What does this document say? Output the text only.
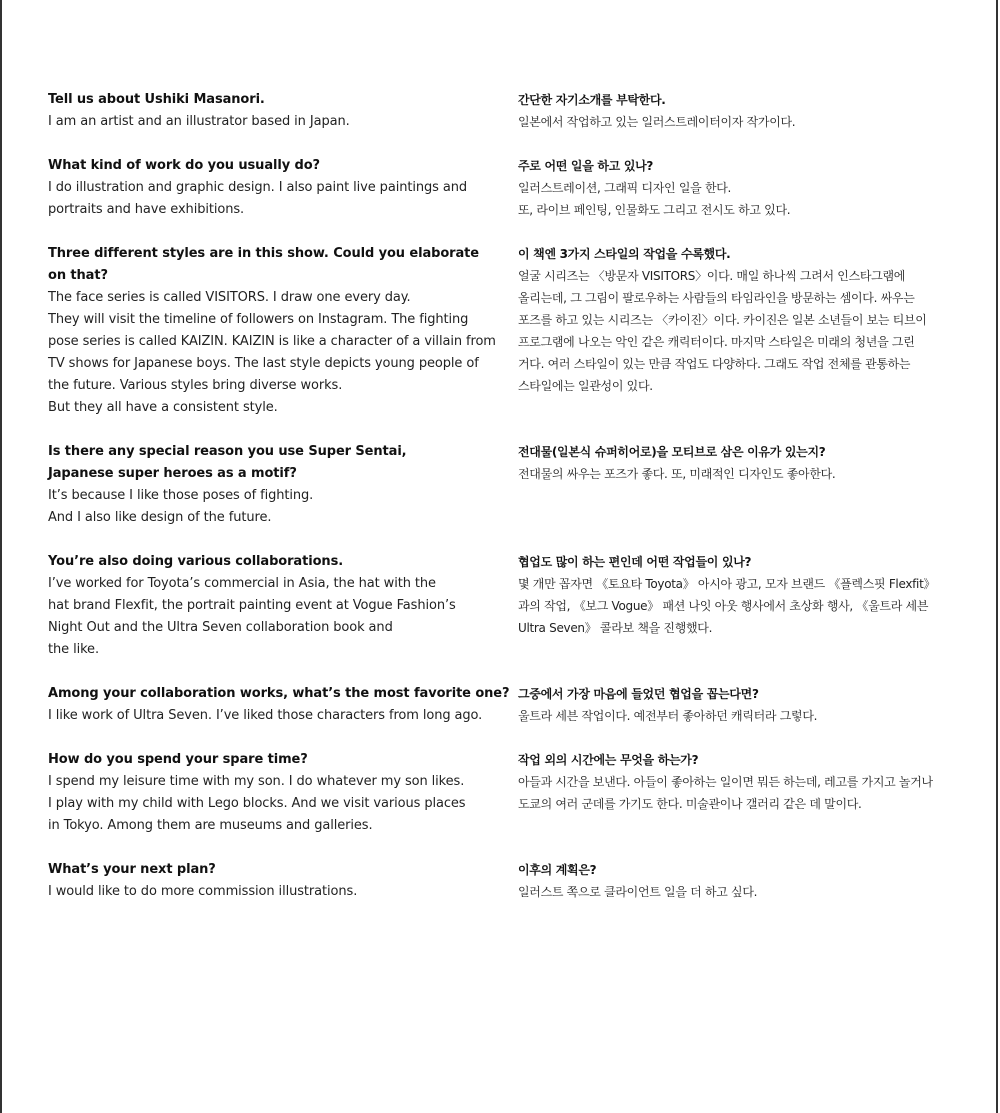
Tell us about Ushiki Masanori.
I am an artist and an illustrator based in Japan.
What kind of work do you usually do?
I do illustration and graphic design. I also paint live paintings and
portraits and have exhibitions.
Three different styles are in this show. Could you elaborate
on that?
The face series is called VISITORS. I draw one every day.
They will visit the timeline of followers on Instagram. The fighting
pose series is called KAIZIN. KAIZIN is like a character of a villain from
TV shows for Japanese boys. The last style depicts young people of
the future. Various styles bring diverse works.
But they all have a consistent style.
Is there any special reason you use Super Sentai,
Japanese super heroes as a motif?
It’s because I like those poses of fighting.
And I also like design of the future.
You’re also doing various collaborations.
I’ve worked for Toyota’s commercial in Asia, the hat with the
hat brand Flexfit, the portrait painting event at Vogue Fashion’s
Night Out and the Ultra Seven collaboration book and
the like.
Among your collaboration works, what’s the most favorite one?
I like work of Ultra Seven. I’ve liked those characters from long ago.
How do you spend your spare time?
I spend my leisure time with my son. I do whatever my son likes.
I play with my child with Lego blocks. And we visit various places
in Tokyo. Among them are museums and galleries.
What’s your next plan?
I would like to do more commission illustrations.
간단한 자기소개를 부탁한다.
일본에서 작업하고 있는 일러스트레이터이자 작가이다.
주로 어떤 일을 하고 있나?
일러스트레이션, 그래픽 디자인 일을 한다.
또, 라이브 페인팅, 인물화도 그리고 전시도 하고 있다.
이 책엔 3가지 스타일의 작업을 수록했다.
얼굴 시리즈는 〈방문자 VISITORS〉이다. 매일 하나씩 그려서 인스타그램에
올리는데, 그 그림이 팔로우하는 사람들의 타임라인을 방문하는 셈이다. 싸우는
포즈를 하고 있는 시리즈는 〈카이진〉이다. 카이진은 일본 소년들이 보는 티브이
프로그램에 나오는 악인 같은 캐릭터이다. 마지막 스타일은 미래의 청년을 그린
거다. 여러 스타일이 있는 만큼 작업도 다양하다. 그래도 작업 전체를 관통하는
스타일에는 일관성이 있다.
전대물(일본식 슈퍼히어로)을 모티브로 삼은 이유가 있는지?
전대물의 싸우는 포즈가 좋다. 또, 미래적인 디자인도 좋아한다.
협업도 많이 하는 편인데 어떤 작업들이 있나?
몇 개만 꼽자면 《토요타 Toyota》 아시아 광고, 모자 브랜드 《플렉스핏 Flexfit》
과의 작업, 《보그 Vogue》 패션 나잇 아웃 행사에서 초상화 행사, 《울트라 세븐
Ultra Seven》 콜라보 책을 진행했다.
그중에서 가장 마음에 들었던 협업을 꼽는다면?
울트라 세븐 작업이다. 예전부터 좋아하던 캐릭터라 그렇다.
작업 외의 시간에는 무엇을 하는가?
아들과 시간을 보낸다. 아들이 좋아하는 일이면 뭐든 하는데, 레고를 가지고 놀거나
도쿄의 여러 군데를 가기도 한다. 미술관이나 갤러리 같은 데 말이다.
이후의 계획은?
일러스트 쪽으로 클라이언트 일을 더 하고 싶다.
